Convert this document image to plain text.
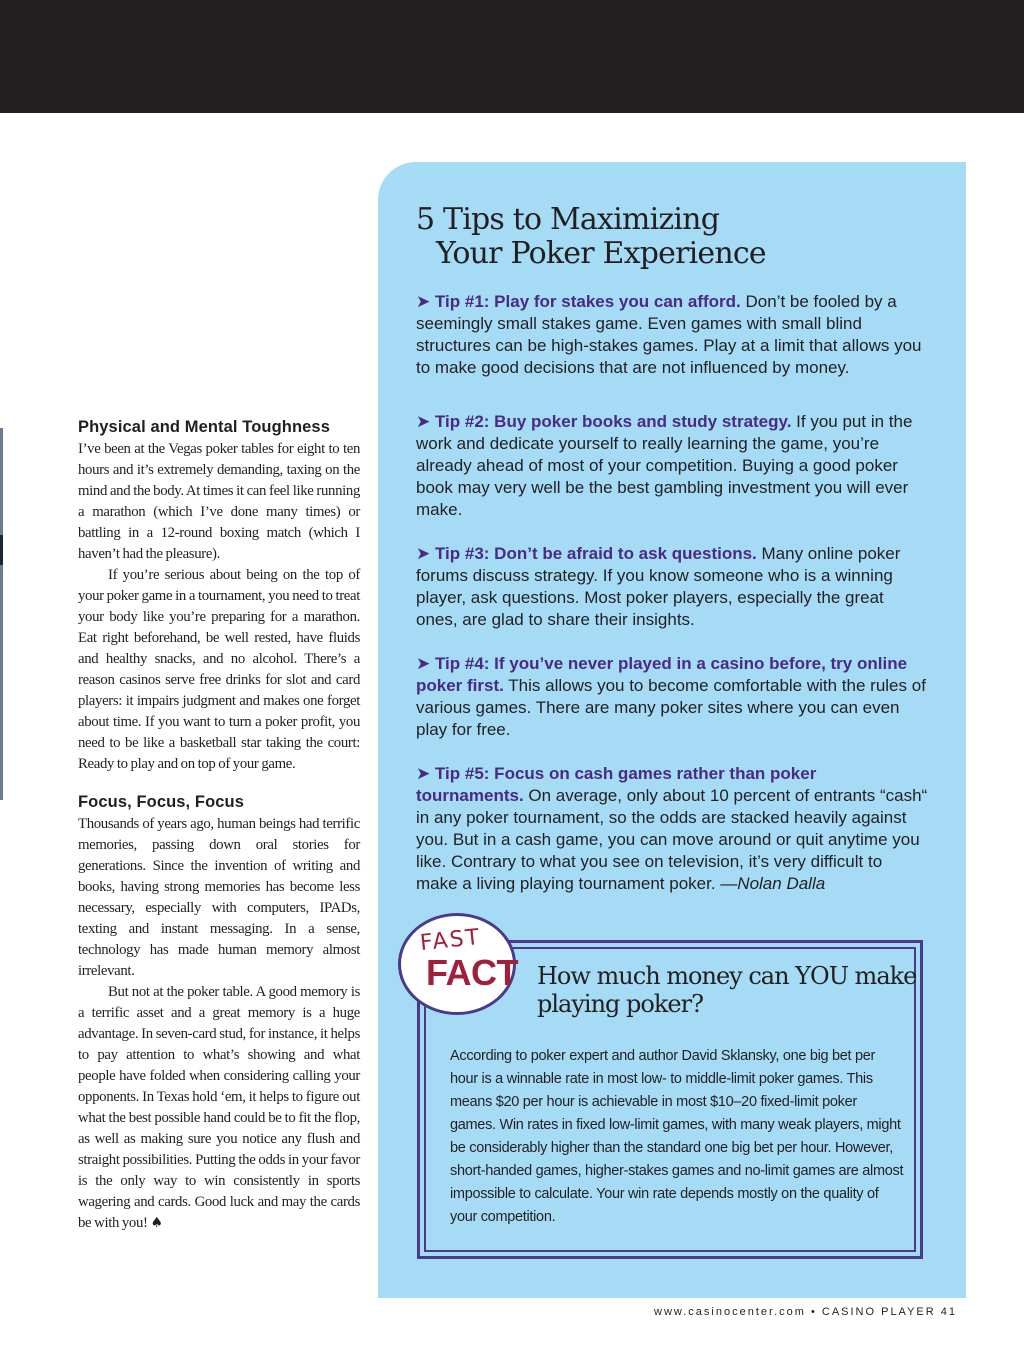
Physical and Mental Toughness

I’ve been at the Vegas poker tables for eight to ten hours and it’s extremely demanding, taxing on the mind and the body. At times it can feel like running a marathon (which I’ve done many times) or battling in a 12-round boxing match (which I haven’t had the pleasure).

If you’re serious about being on the top of your poker game in a tournament, you need to treat your body like you’re preparing for a marathon. Eat right beforehand, be well rested, have fluids and healthy snacks, and no alcohol. There’s a reason casinos serve free drinks for slot and card players: it impairs judgment and makes one forget about time. If you want to turn a poker profit, you need to be like a basketball star taking the court: Ready to play and on top of your game.

Focus, Focus, Focus

Thousands of years ago, human beings had terrific memories, passing down oral stories for generations. Since the invention of writing and books, having strong memories has become less necessary, especially with computers, IPADs, texting and instant messaging. In a sense, technology has made human memory almost irrelevant.

But not at the poker table. A good memory is a terrific asset and a great memory is a huge advantage. In seven-card stud, for instance, it helps to pay attention to what’s showing and what people have folded when considering calling your opponents. In Texas hold ‘em, it helps to figure out what the best possible hand could be to fit the flop, as well as making sure you notice any flush and straight possibilities. Putting the odds in your favor is the only way to win consistently in sports wagering and cards. Good luck and may the cards be with you! ♠

5 Tips to Maximizing
Your Poker Experience

➤ Tip #1: Play for stakes you can afford. Don’t be fooled by a seemingly small stakes game. Even games with small blind structures can be high-stakes games. Play at a limit that allows you to make good decisions that are not influenced by money.

➤ Tip #2: Buy poker books and study strategy. If you put in the work and dedicate yourself to really learning the game, you’re already ahead of most of your competition. Buying a good poker book may very well be the best gambling investment you will ever make.

➤ Tip #3: Don’t be afraid to ask questions. Many online poker forums discuss strategy. If you know someone who is a winning player, ask questions. Most poker players, especially the great ones, are glad to share their insights.

➤ Tip #4: If you’ve never played in a casino before, try online poker first. This allows you to become comfortable with the rules of various games. There are many poker sites where you can even play for free.

➤ Tip #5: Focus on cash games rather than poker tournaments. On average, only about 10 percent of entrants “cash“ in any poker tournament, so the odds are stacked heavily against you. But in a cash game, you can move around or quit anytime you like. Contrary to what you see on television, it’s very difficult to make a living playing tournament poker. —Nolan Dalla

FAST
FACT How much money can YOU make playing poker?
According to poker expert and author David Sklansky, one big bet per hour is a winnable rate in most low- to middle-limit poker games. This means $20 per hour is achievable in most $10–20 fixed-limit poker games. Win rates in fixed low-limit games, with many weak players, might be considerably higher than the standard one big bet per hour. However, short-handed games, higher-stakes games and no-limit games are almost impossible to calculate. Your win rate depends mostly on the quality of your competition.
www.casinocenter.com • CASINO PLAYER 41
